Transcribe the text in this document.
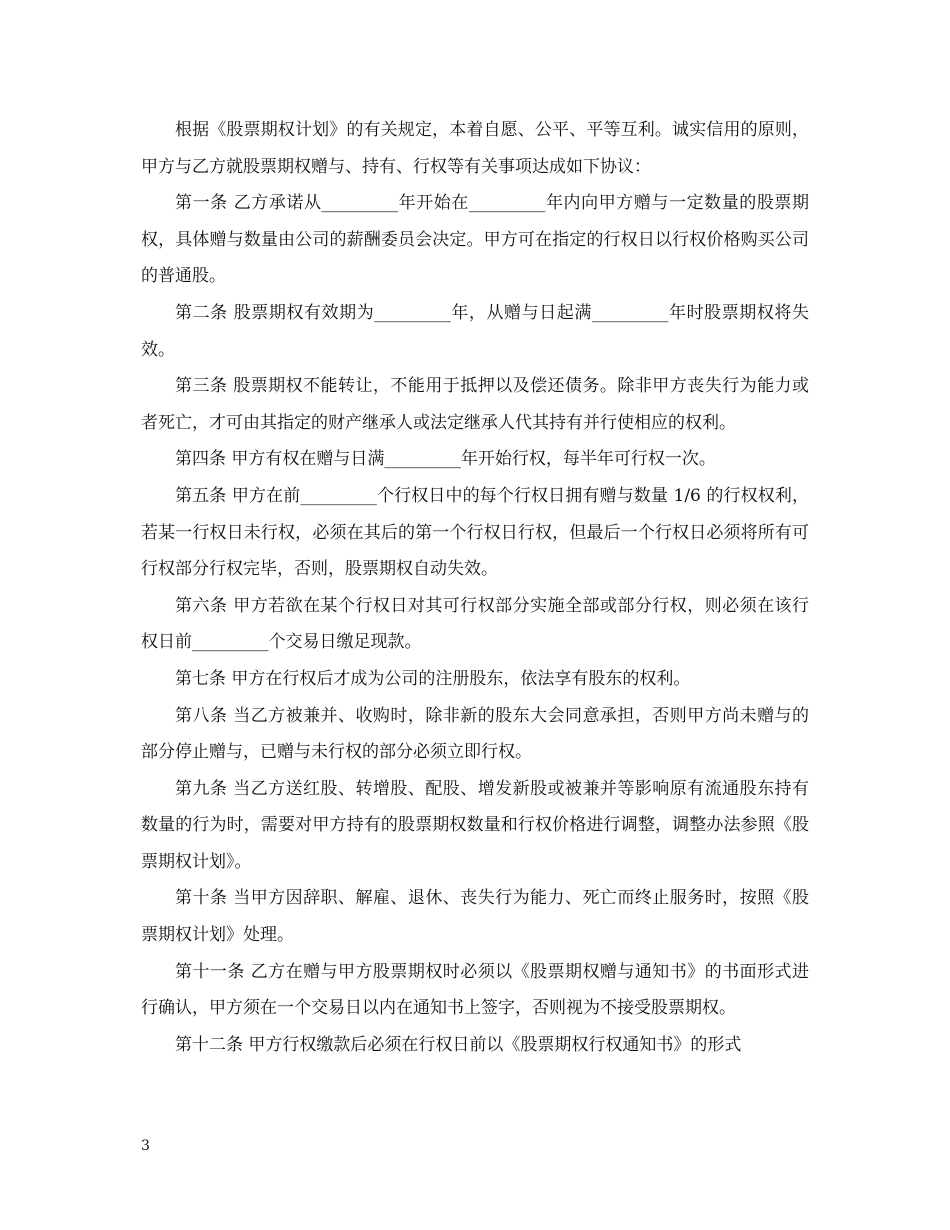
根据《股票期权计划》的有关规定，本着自愿、公平、平等互利。诚实信用的原则，甲方与乙方就股票期权赠与、持有、行权等有关事项达成如下协议：

第一条 乙方承诺从_________年开始在_________年内向甲方赠与一定数量的股票期权，具体赠与数量由公司的薪酬委员会决定。甲方可在指定的行权日以行权价格购买公司的普通股。

第二条 股票期权有效期为_________年，从赠与日起满_________年时股票期权将失效。

第三条 股票期权不能转让，不能用于抵押以及偿还债务。除非甲方丧失行为能力或者死亡，才可由其指定的财产继承人或法定继承人代其持有并行使相应的权利。

第四条 甲方有权在赠与日满_________年开始行权，每半年可行权一次。

第五条 甲方在前_________个行权日中的每个行权日拥有赠与数量 1/6 的行权权利，若某一行权日未行权，必须在其后的第一个行权日行权，但最后一个行权日必须将所有可行权部分行权完毕，否则，股票期权自动失效。

第六条 甲方若欲在某个行权日对其可行权部分实施全部或部分行权，则必须在该行权日前_________个交易日缴足现款。

第七条 甲方在行权后才成为公司的注册股东，依法享有股东的权利。

第八条 当乙方被兼并、收购时，除非新的股东大会同意承担，否则甲方尚未赠与的部分停止赠与，已赠与未行权的部分必须立即行权。

第九条 当乙方送红股、转增股、配股、增发新股或被兼并等影响原有流通股东持有数量的行为时，需要对甲方持有的股票期权数量和行权价格进行调整，调整办法参照《股票期权计划》。

第十条 当甲方因辞职、解雇、退休、丧失行为能力、死亡而终止服务时，按照《股票期权计划》处理。

第十一条 乙方在赠与甲方股票期权时必须以《股票期权赠与通知书》的书面形式进行确认，甲方须在一个交易日以内在通知书上签字，否则视为不接受股票期权。

第十二条 甲方行权缴款后必须在行权日前以《股票期权行权通知书》的形式

3
